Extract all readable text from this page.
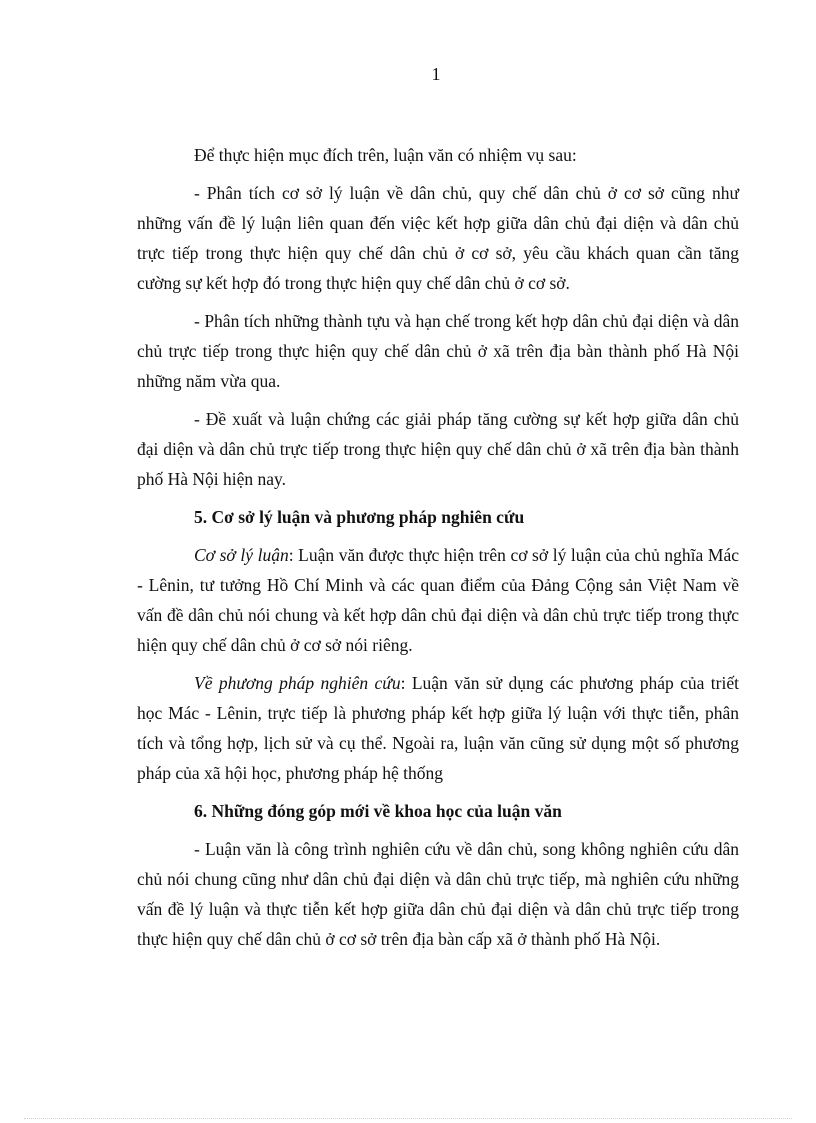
1

Để thực hiện mục đích trên, luận văn có nhiệm vụ sau:

- Phân tích cơ sở lý luận về dân chủ, quy chế dân chủ ở cơ sở cũng như những vấn đề lý luận liên quan đến việc kết hợp giữa dân chủ đại diện và dân chủ trực tiếp trong thực hiện quy chế dân chủ ở cơ sở, yêu cầu khách quan cần tăng cường sự kết hợp đó trong thực hiện quy chế dân chủ ở cơ sở.

- Phân tích những thành tựu và hạn chế trong kết hợp dân chủ đại diện và dân chủ trực tiếp trong thực hiện quy chế dân chủ ở xã trên địa bàn thành phố Hà Nội những năm vừa qua.

- Đề xuất và luận chứng các giải pháp tăng cường sự kết hợp giữa dân chủ đại diện và dân chủ trực tiếp trong thực hiện quy chế dân chủ ở xã trên địa bàn thành phố Hà Nội hiện nay.

5. Cơ sở lý luận và phương pháp nghiên cứu

Cơ sở lý luận: Luận văn được thực hiện trên cơ sở lý luận của chủ nghĩa Mác - Lênin, tư tưởng Hồ Chí Minh và các quan điểm của Đảng Cộng sản Việt Nam về vấn đề dân chủ nói chung và kết hợp dân chủ đại diện và dân chủ trực tiếp trong thực hiện quy chế dân chủ ở cơ sở nói riêng.

Về phương pháp nghiên cứu: Luận văn sử dụng các phương pháp của triết học Mác - Lênin, trực tiếp là phương pháp kết hợp giữa lý luận với thực tiễn, phân tích và tổng hợp, lịch sử và cụ thể. Ngoài ra, luận văn cũng sử dụng một số phương pháp của xã hội học, phương pháp hệ thống

6. Những đóng góp mới về khoa học của luận văn

- Luận văn là công trình nghiên cứu về dân chủ, song không nghiên cứu dân chủ nói chung cũng như dân chủ đại diện và dân chủ trực tiếp, mà nghiên cứu những vấn đề lý luận và thực tiễn kết hợp giữa dân chủ đại diện và dân chủ trực tiếp trong thực hiện quy chế dân chủ ở cơ sở trên địa bàn cấp xã ở thành phố Hà Nội.
